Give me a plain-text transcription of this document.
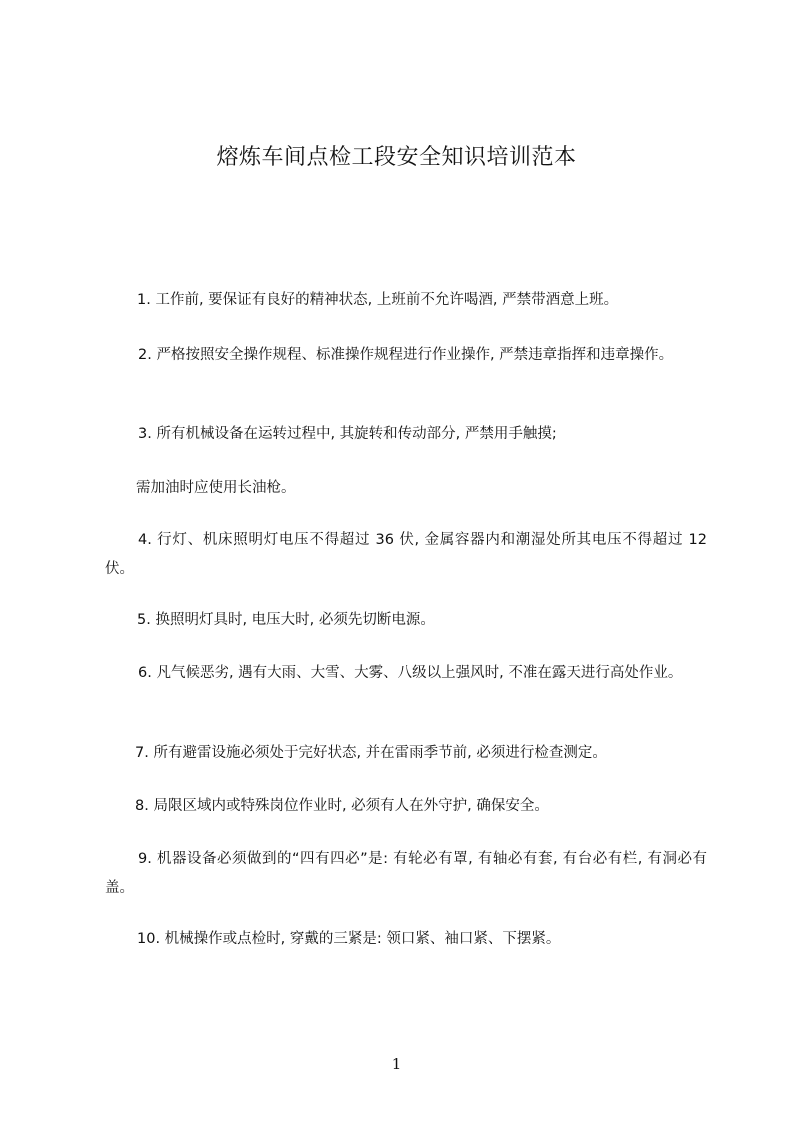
熔炼车间点检工段安全知识培训范本
1. 工作前, 要保证有良好的精神状态, 上班前不允许喝酒, 严禁带酒意上班。
2. 严格按照安全操作规程、标准操作规程进行作业操作, 严禁违章指挥和违章操作。
3. 所有机械设备在运转过程中, 其旋转和传动部分, 严禁用手触摸;
需加油时应使用长油枪。
4. 行灯、机床照明灯电压不得超过 36 伏, 金属容器内和潮湿处所其电压不得超过 12 伏。
5. 换照明灯具时, 电压大时, 必须先切断电源。
6. 凡气候恶劣, 遇有大雨、大雪、大雾、八级以上强风时, 不准在露天进行高处作业。
7. 所有避雷设施必须处于完好状态, 并在雷雨季节前, 必须进行检查测定。
8. 局限区域内或特殊岗位作业时, 必须有人在外守护, 确保安全。
9. 机器设备必须做到的“四有四必”是: 有轮必有罩, 有轴必有套, 有台必有栏, 有洞必有盖。
10. 机械操作或点检时, 穿戴的三紧是: 领口紧、袖口紧、下摆紧。
1
